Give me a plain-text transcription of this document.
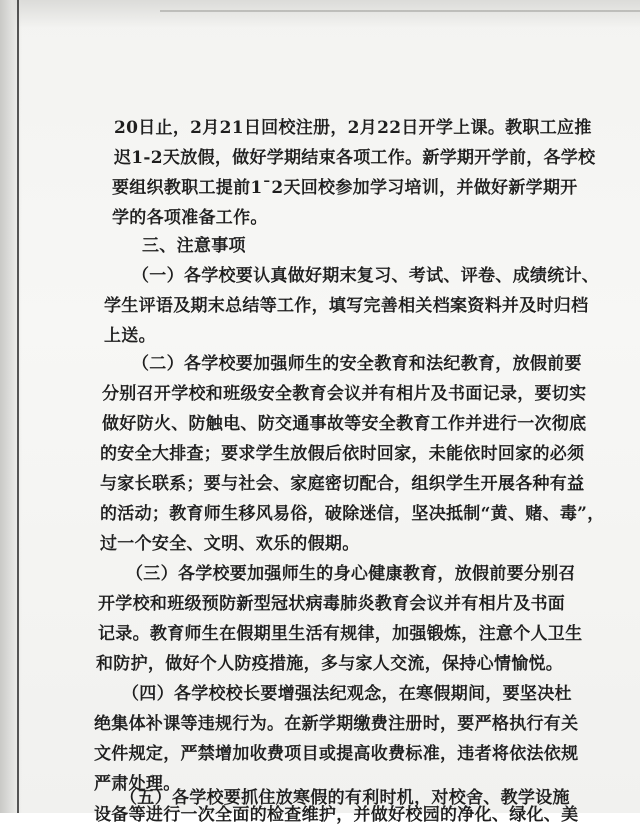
20日止，2月21日回校注册，2月22日开学上课。教职工应推
迟1-2天放假，做好学期结束各项工作。新学期开学前，各学校
要组织教职工提前1¯2天回校参加学习培训，并做好新学期开
学的各项准备工作。
三、注意事项
（一）各学校要认真做好期末复习、考试、评卷、成绩统计、
学生评语及期末总结等工作，填写完善相关档案资料并及时归档
上送。
（二）各学校要加强师生的安全教育和法纪教育，放假前要
分别召开学校和班级安全教育会议并有相片及书面记录，要切实
做好防火、防触电、防交通事故等安全教育工作并进行一次彻底
的安全大排查；要求学生放假后依时回家，未能依时回家的必须
与家长联系；要与社会、家庭密切配合，组织学生开展各种有益
的活动；教育师生移风易俗，破除迷信，坚决抵制“黄、赌、毒”，
过一个安全、文明、欢乐的假期。
（三）各学校要加强师生的身心健康教育，放假前要分别召
开学校和班级预防新型冠状病毒肺炎教育会议并有相片及书面
记录。教育师生在假期里生活有规律，加强锻炼，注意个人卫生
和防护，做好个人防疫措施，多与家人交流，保持心情愉悦。
（四）各学校校长要增强法纪观念，在寒假期间，要坚决杜
绝集体补课等违规行为。在新学期缴费注册时，要严格执行有关
文件规定，严禁增加收费项目或提高收费标准，违者将依法依规
严肃处理。
（五）各学校要抓住放寒假的有利时机，对校舍、教学设施
设备等进行一次全面的检查维护，并做好校园的净化、绿化、美
